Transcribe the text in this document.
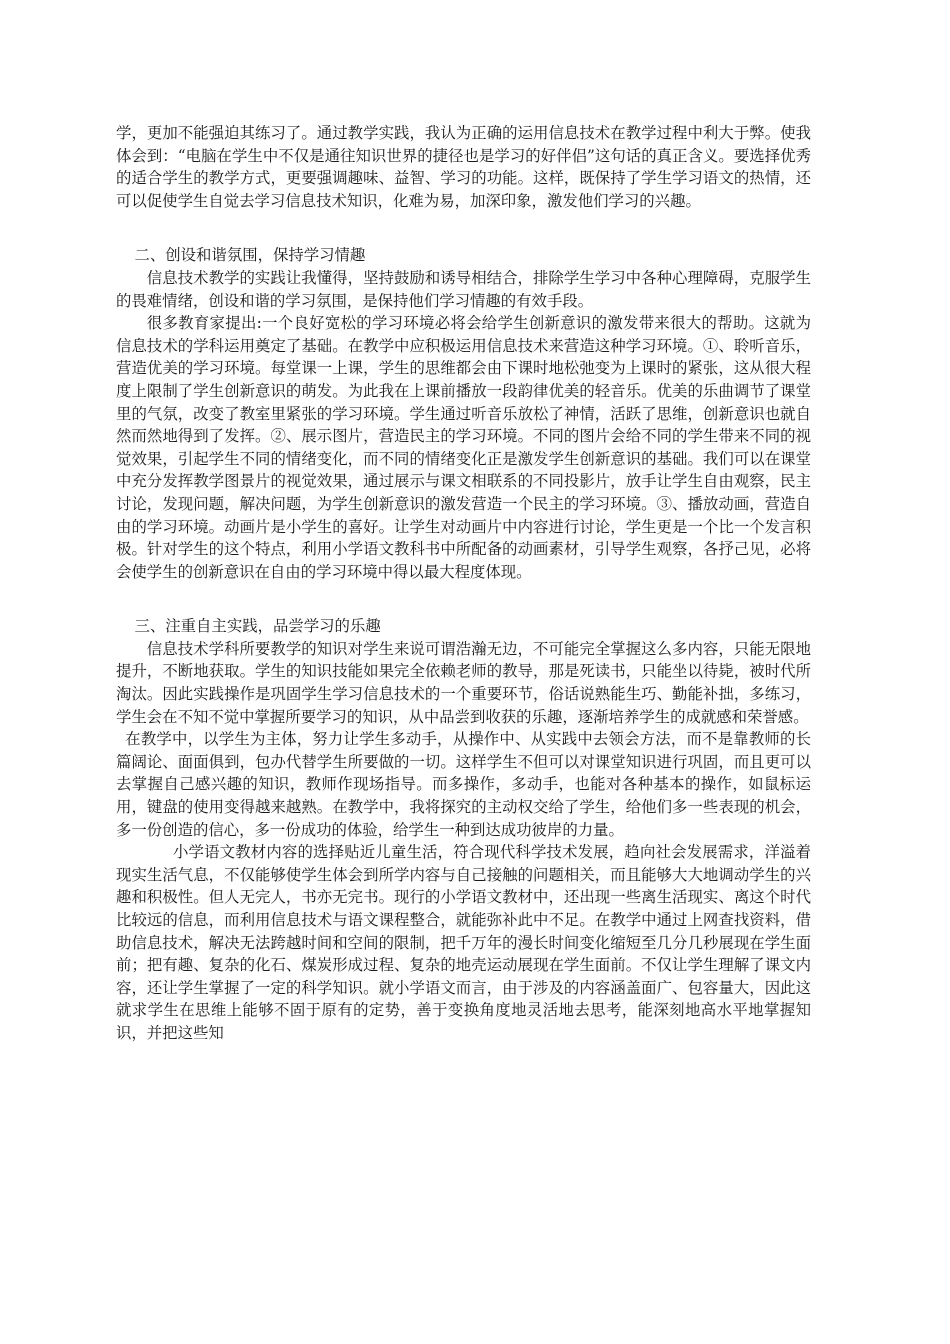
学，更加不能强迫其练习了。通过教学实践，我认为正确的运用信息技术在教学过程中利大于弊。使我体会到：“电脑在学生中不仅是通往知识世界的捷径也是学习的好伴侣”这句话的真正含义。要选择优秀的适合学生的教学方式，更要强调趣味、益智、学习的功能。这样，既保持了学生学习语文的热情，还可以促使学生自觉去学习信息技术知识，化难为易，加深印象，激发他们学习的兴趣。

二、创设和谐氛围，保持学习情趣

信息技术教学的实践让我懂得，坚持鼓励和诱导相结合，排除学生学习中各种心理障碍，克服学生的畏难情绪，创设和谐的学习氛围，是保持他们学习情趣的有效手段。

很多教育家提出:一个良好宽松的学习环境必将会给学生创新意识的激发带来很大的帮助。这就为信息技术的学科运用奠定了基础。在教学中应积极运用信息技术来营造这种学习环境。①、聆听音乐，营造优美的学习环境。每堂课一上课，学生的思维都会由下课时地松弛变为上课时的紧张，这从很大程度上限制了学生创新意识的萌发。为此我在上课前播放一段韵律优美的轻音乐。优美的乐曲调节了课堂里的气氛，改变了教室里紧张的学习环境。学生通过听音乐放松了神情，活跃了思维，创新意识也就自然而然地得到了发挥。②、展示图片，营造民主的学习环境。不同的图片会给不同的学生带来不同的视觉效果，引起学生不同的情绪变化，而不同的情绪变化正是激发学生创新意识的基础。我们可以在课堂中充分发挥教学图景片的视觉效果，通过展示与课文相联系的不同投影片，放手让学生自由观察，民主讨论，发现问题，解决问题，为学生创新意识的激发营造一个民主的学习环境。③、播放动画，营造自由的学习环境。动画片是小学生的喜好。让学生对动画片中内容进行讨论，学生更是一个比一个发言积极。针对学生的这个特点，利用小学语文教科书中所配备的动画素材，引导学生观察，各抒己见，必将会使学生的创新意识在自由的学习环境中得以最大程度体现。

三、注重自主实践，品尝学习的乐趣

信息技术学科所要教学的知识对学生来说可谓浩瀚无边，不可能完全掌握这么多内容，只能无限地提升，不断地获取。学生的知识技能如果完全依赖老师的教导，那是死读书，只能坐以待毙，被时代所淘汰。因此实践操作是巩固学生学习信息技术的一个重要环节，俗话说熟能生巧、勤能补拙，多练习，学生会在不知不觉中掌握所要学习的知识，从中品尝到收获的乐趣，逐渐培养学生的成就感和荣誉感。

在教学中，以学生为主体，努力让学生多动手，从操作中、从实践中去领会方法，而不是靠教师的长篇阔论、面面俱到，包办代替学生所要做的一切。这样学生不但可以对课堂知识进行巩固，而且更可以去掌握自己感兴趣的知识，教师作现场指导。而多操作，多动手，也能对各种基本的操作，如鼠标运用，键盘的使用变得越来越熟。在教学中，我将探究的主动权交给了学生，给他们多一些表现的机会，多一份创造的信心，多一份成功的体验，给学生一种到达成功彼岸的力量。

小学语文教材内容的选择贴近儿童生活，符合现代科学技术发展，趋向社会发展需求，洋溢着现实生活气息，不仅能够使学生体会到所学内容与自己接触的问题相关，而且能够大大地调动学生的兴趣和积极性。但人无完人，书亦无完书。现行的小学语文教材中，还出现一些离生活现实、离这个时代比较远的信息，而利用信息技术与语文课程整合，就能弥补此中不足。在教学中通过上网查找资料，借助信息技术，解决无法跨越时间和空间的限制，把千万年的漫长时间变化缩短至几分几秒展现在学生面前；把有趣、复杂的化石、煤炭形成过程、复杂的地壳运动展现在学生面前。不仅让学生理解了课文内容，还让学生掌握了一定的科学知识。就小学语文而言，由于涉及的内容涵盖面广、包容量大，因此这就求学生在思维上能够不固于原有的定势，善于变换角度地灵活地去思考，能深刻地高水平地掌握知识，并把这些知
